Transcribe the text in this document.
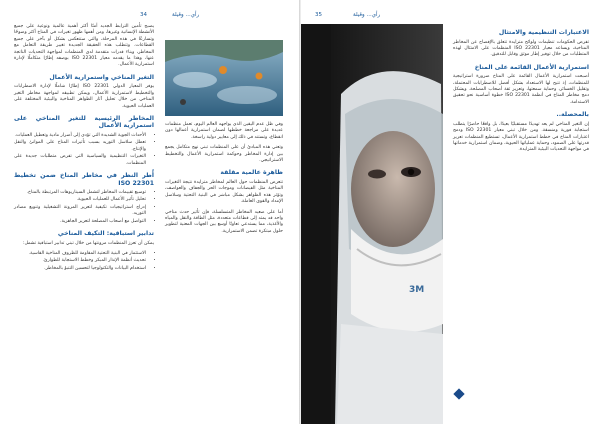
رأي... وقيلة
34

يصبح تأمين الترابط الجديد أمنًا أكثر أهمية عالمية ونوعية على جميع الأنشطة الإنسانية وغيرها، ومن أهمها ظهور تغيرات في المناخ أكثر وضوحًا وتسارعًا في هذه المرحلة، والتي ستنعكس بشكل أو بآخر على جميع القطاعات. وتتطلب هذه الحقيقة الجديدة تغيير طريقة التعامل مع المخاطر، وبناء قدرات متقدمة لدى المنظمات لمواجهة التحديات الناتجة عنها، وهذا ما يقدمه معيار ISO 22301 بوصفه إطارًا متكاملًا لإدارة استمرارية الأعمال.

التغير المناخي واستمرارية الأعمال

يوفر المعيار الدولي ISO 22301 إطارًا شاملًا لإدارة الاضطرابات والتخطيط لاستمرارية الأعمال، ويمكن تطبيقه لمواجهة مخاطر التغير المناخي من خلال تحليل آثار الظواهر المناخية والبيئية المختلفة على العمليات الحيوية.

المخاطر الرئيسية للتغير المناخي على استمرارية الأعمال
• الأحداث الجوية الشديدة التي تؤدي إلى أضرار مادية وتعطيل العمليات.
• تعطل سلاسل التوريد بسبب تأثيرات المناخ على الموانئ والنقل والإنتاج.
• التغيرات التنظيمية والسياسية التي تفرض متطلبات جديدة على المنظمات.
أُطر النظر في مخاطر المناخ ضمن تخطيط ISO 22301
• توسيع تقييمات المخاطر لتشمل السيناريوهات المرتبطة بالمناخ.
• تحليل تأثير الأعمال للعمليات الحيوية.
• إدراج استراتيجيات تكيفية لتعزيز المرونة التشغيلية وتنويع مصادر التوريد.
• التواصل مع أصحاب المصلحة لتعزيز الجاهزية.
تدابير استباقية: التكيف المناخي

يمكن أن تعزز المنظمات مرونتها من خلال تبني تدابير استباقية تشمل:

• الاستثمار في البنية التحتية المقاومة للظروف المناخية القاسية.
• تحديث أنظمة الإنذار المبكر وخطط الاستجابة للطوارئ.
• استخدام البيانات والتكنولوجيا لتحسين التنبؤ بالمخاطر.

وفي ظل عدم اليقين الذي يواجهه العالم اليوم، تعمل منظمات عديدة على مراجعة خططها لضمان استمرارية أعمالها دون انقطاع، وتستند في ذلك إلى معايير دولية راسخة.

وتعني هذه المبادئ أن على المنظمات تبني نهج متكامل يجمع بين إدارة المخاطر وحوكمة استمرارية الأعمال والتخطيط الاستراتيجي.

ظاهرة عالمية مقلقة

تتعرض المنظمات حول العالم لمخاطر متزايدة نتيجة التغيرات المناخية مثل الفيضانات وموجات الحر والجفاف والعواصف، وتؤثر هذه الظواهر بشكل مباشر في البنية التحتية وسلاسل الإمداد والقوى العاملة.

أما على صعيد المخاطر المتسلسلة، فإن تأثير حدث مناخي واحد قد يمتد إلى قطاعات متعددة، مثل الطاقة والنقل والمياه والأغذية، مما يستدعي تعاونًا أوسع بين الجهات المعنية لتطوير حلول مبتكرة تضمن الاستمرارية.

35	رأي... وقيلة
3M
الاعتبارات التنظيمية والامتثال

تفرض الحكومات تنظيمات ولوائح متزايدة تتعلق بالإفصاح عن المخاطر المناخية، ويساعد معيار ISO 22301 المنظمات على الامتثال لهذه المتطلبات من خلال توفير إطار موثق وقابل للتدقيق.

استمرارية الأعمال القائمة على المناخ

أصبحت استمرارية الأعمال القائمة على المناخ ضرورة استراتيجية للمنظمات، إذ تتيح لها الاستعداد بشكل أفضل للاضطرابات المحتملة، وتقليل الخسائر، وحماية سمعتها، وتعزيز ثقة أصحاب المصلحة. ويشكل دمج مخاطر المناخ في أنظمة ISO 22301 خطوة أساسية نحو تحقيق الاستدامة.

بالمحصلة..

إن التغير المناخي لم يعد تهديدًا مستقبليًا بعيدًا، بل واقعًا حاضرًا يتطلب استجابة فورية ومنسقة. ومن خلال تبني معيار ISO 22301 ودمج اعتبارات المناخ في خطط استمرارية الأعمال، تستطيع المنظمات تعزيز قدرتها على الصمود، وحماية عملياتها الحيوية، وضمان استمرارية خدماتها في مواجهة التحديات البيئية المتزايدة.
